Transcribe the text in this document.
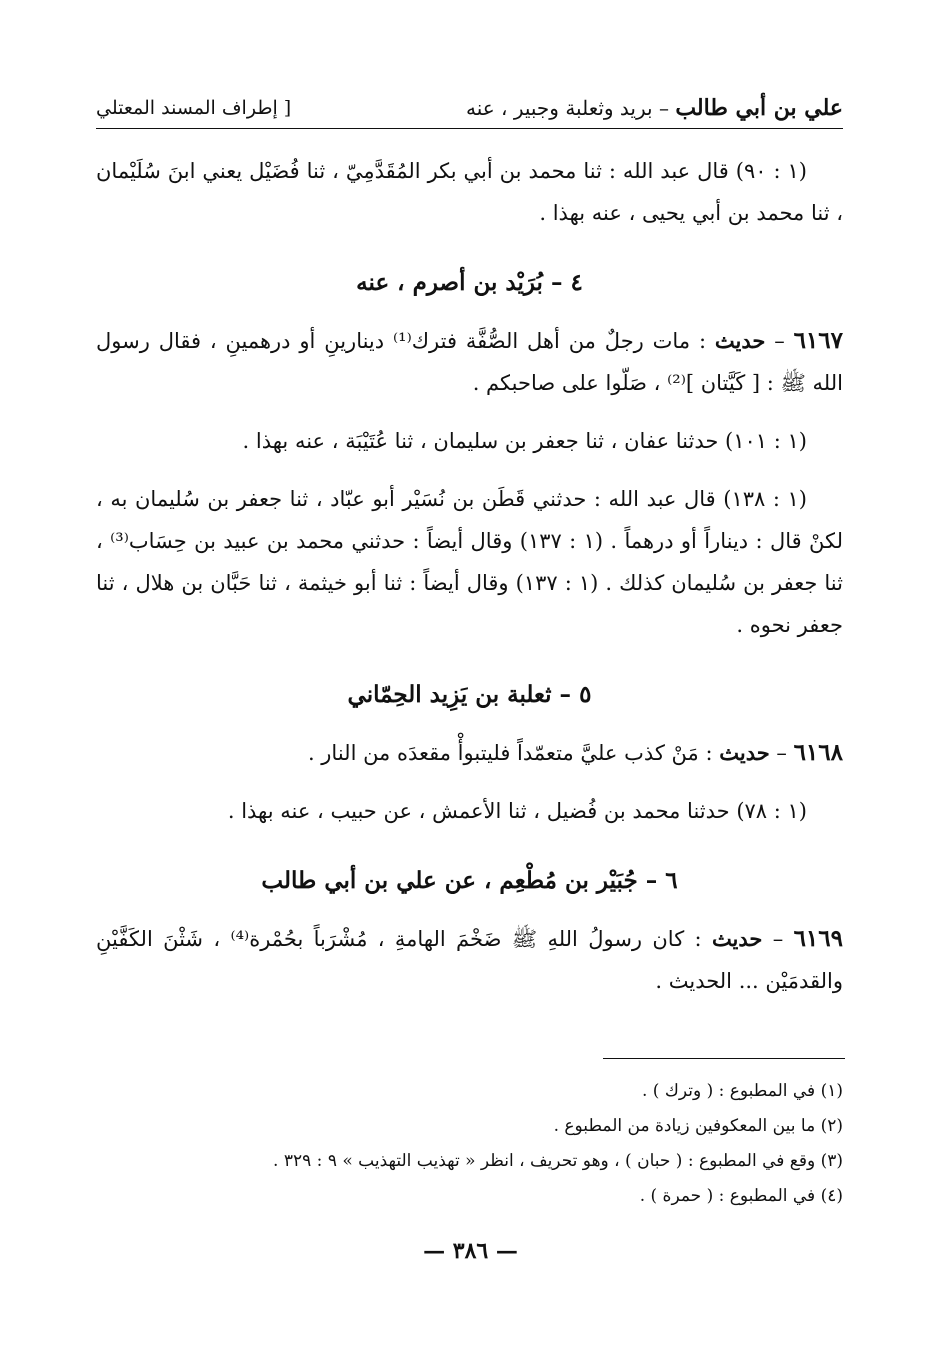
علي بن أبي طالب – بريد وثعلبة وجبير ، عنه
[ إطراف المسند المعتلي

(١ : ٩٠) قال عبد الله : ثنا محمد بن أبي بكر المُقَدَّمِيّ ، ثنا فُضَيْل يعني ابنَ سُلَيْمان ، ثنا محمد بن أبي يحيى ، عنه بهذا .

٤ – بُرَيْد بن أصرم ، عنه

٦١٦٧ – حديث : مات رجلٌ من أهل الصُّفَّة فترك⁽¹⁾ دينارينِ أو درهمينِ ، فقال رسول الله ﷺ : [ كَيَّتان ]⁽²⁾ ، صَلّوا على صاحبكم .

(١ : ١٠١) حدثنا عفان ، ثنا جعفر بن سليمان ، ثنا عُتَيْبَة ، عنه بهذا .

(١ : ١٣٨) قال عبد الله : حدثني قَطَن بن نُسَيْر أبو عبّاد ، ثنا جعفر بن سُليمان به ، لكنْ قال : ديناراً أو درهماً . (١ : ١٣٧) وقال أيضاً : حدثني محمد بن عبيد بن حِسَاب⁽³⁾ ، ثنا جعفر بن سُليمان كذلك . (١ : ١٣٧) وقال أيضاً : ثنا أبو خيثمة ، ثنا حَبَّان بن هلال ، ثنا جعفر نحوه .

٥ – ثعلبة بن يَزِيد الحِمّاني

٦١٦٨ – حديث : مَنْ كذب عليَّ متعمّداً فليتبوأْ مقعدَه من النار .

(١ : ٧٨) حدثنا محمد بن فُضيل ، ثنا الأعمش ، عن حبيب ، عنه بهذا .

٦ – جُبَيْر بن مُطْعِم ، عن علي بن أبي طالب

٦١٦٩ – حديث : كان رسولُ اللهِ ﷺ ضَخْمَ الهامةِ ، مُشْرَباً بحُمْرة⁽⁴⁾ ، شَثْنَ الكَفَّيْنِ والقدمَيْن ... الحديث .

(١) في المطبوع : ( وترك ) .
(٢) ما بين المعكوفين زيادة من المطبوع .
(٣) وقع في المطبوع : ( حبان ) ، وهو تحريف ، انظر « تهذيب التهذيب » ٩ : ٣٢٩ .
(٤) في المطبوع : ( حمرة ) .
— ٣٨٦ —
